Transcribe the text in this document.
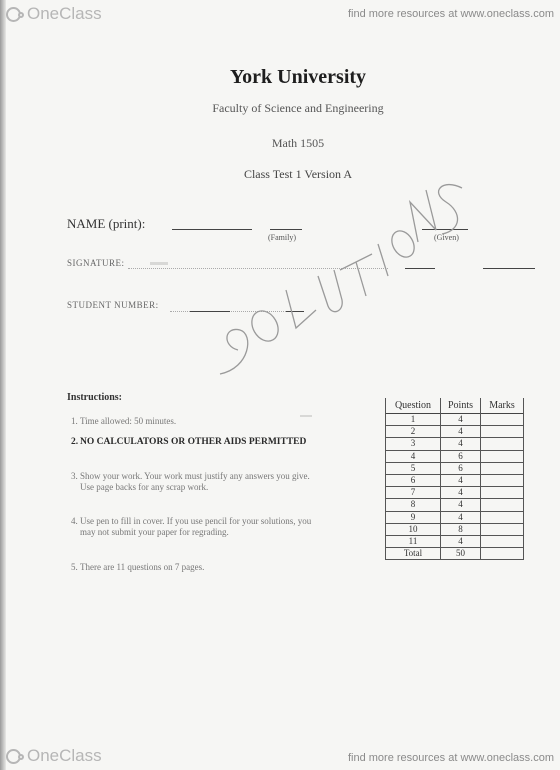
OneClass	find more resources at www.oneclass.com
York University
Faculty of Science and Engineering
Math 1505
Class Test 1 Version A
NAME (print):
(Family)	(Given)
SIGNATURE:
STUDENT NUMBER:
Instructions:
1. Time allowed: 50 minutes.
2. NO CALCULATORS OR OTHER AIDS PERMITTED
3. Show your work. Your work must justify any answers you give. Use page backs for any scrap work.
4. Use pen to fill in cover. If you use pencil for your solutions, you may not submit your paper for regrading.
5. There are 11 questions on 7 pages.
Question	Points	Marks
1	4	
2	4	
3	4	
4	6	
5	6	
6	4	
7	4	
8	4	
9	4	
10	8	
11	4	
Total	50	
OneClass	find more resources at www.oneclass.com
